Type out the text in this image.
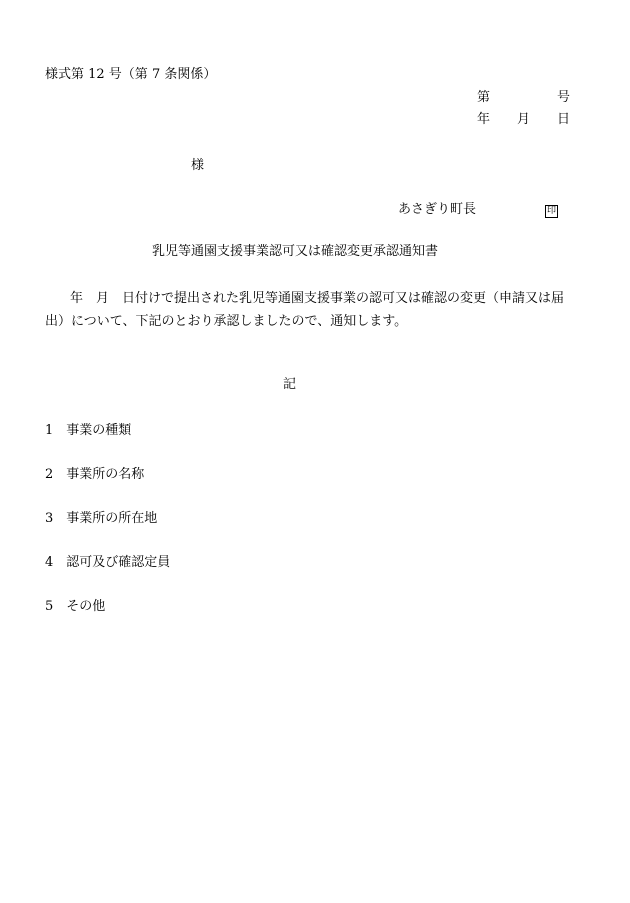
様式第 12 号（第 7 条関係）
第	号
年 月 日
様
あさぎり町長	印
乳児等通園支援事業認可又は確認変更承認通知書
年　月　日付けで提出された乳児等通園支援事業の認可又は確認の変更（申請又は届
出）について、下記のとおり承認しましたので、通知します。
記
1 事業の種類
2 事業所の名称
3 事業所の所在地
4 認可及び確認定員
5 その他
